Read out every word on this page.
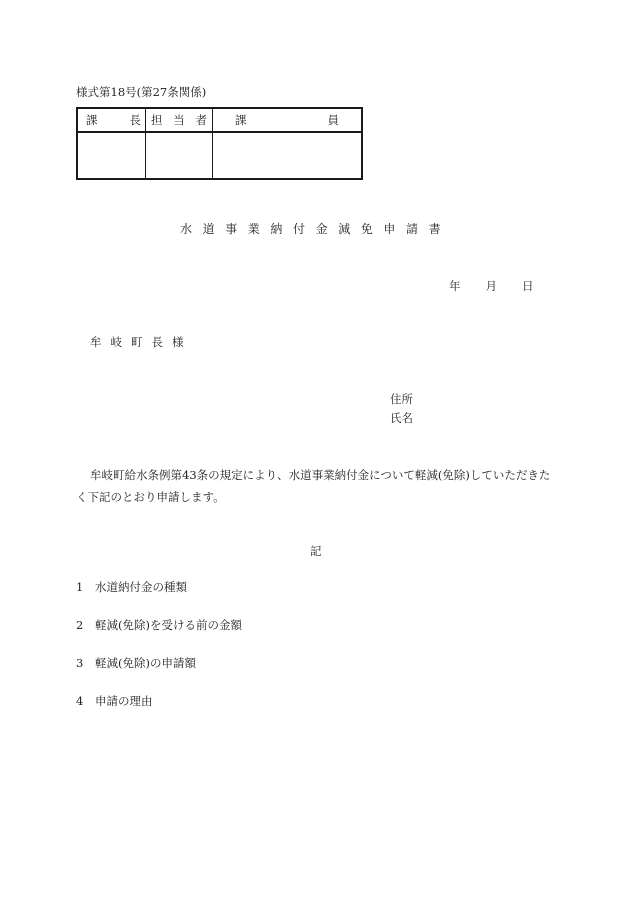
様式第18号(第27条関係)
課	長 担 当 者 課	員
水道事業納付金減免申請書
年 月 日
牟岐町長様
住所
氏名
牟岐町給水条例第43条の規定により、水道事業納付金について軽減(免除)していただきたく下記のとおり申請します。
記
1 水道納付金の種類
2 軽減(免除)を受ける前の金額
3 軽減(免除)の申請額
4 申請の理由
